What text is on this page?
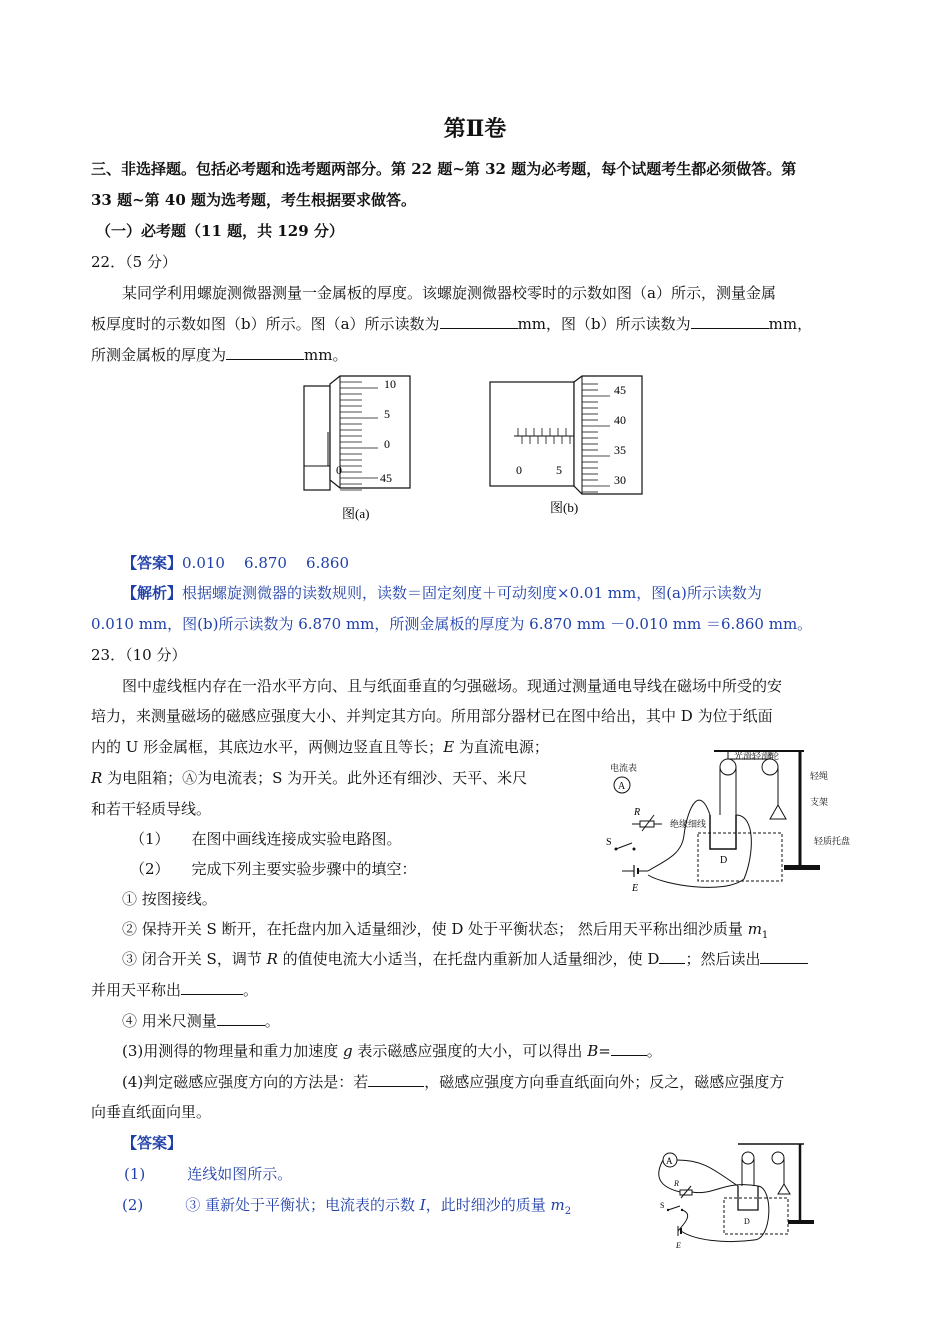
第Ⅱ卷
三、非选择题。包括必考题和选考题两部分。第 22 题~第 32 题为必考题，每个试题考生都必须做答。第
33 题~第 40 题为选考题，考生根据要求做答。
（一）必考题（11 题，共 129 分）
22．（5 分）
某同学利用螺旋测微器测量一金属板的厚度。该螺旋测微器校零时的示数如图（a）所示，测量金属
板厚度时的示数如图（b）所示。图（a）所示读数为	mm，图（b）所示读数为	mm，
所测金属板的厚度为	mm。
10
5
0
45
0
图(a)
45
40
35
30
0	5
图(b)
【答案】0.010    6.870    6.860
【解析】根据螺旋测微器的读数规则，读数＝固定刻度＋可动刻度×0.01 mm，图(a)所示读数为
0.010 mm，图(b)所示读数为 6.870 mm，所测金属板的厚度为 6.870 mm －0.010 mm ＝6.860 mm。
23．（10 分）
图中虚线框内存在一沿水平方向、且与纸面垂直的匀强磁场。现通过测量通电导线在磁场中所受的安
培力，来测量磁场的磁感应强度大小、并判定其方向。所用部分器材已在图中给出，其中 D 为位于纸面
内的 U 形金属框，其底边水平，两侧边竖直且等长；E 为直流电源；
R 为电阻箱；Ⓐ为电流表；S 为开关。此外还有细沙、天平、米尺
和若干轻质导线。
（1） 在图中画线连接成实验电路图。
（2） 完成下列主要实验步骤中的填空：
① 按图接线。
② 保持开关 S 断开，在托盘内加入适量细沙，使 D 处于平衡状态； 然后用天平称出细沙质量 $m_1$
③ 闭合开关 S，调节 R 的值使电流大小适当，在托盘内重新加人适量细沙，使 D ；然后读出
并用天平称出	。
④ 用米尺测量	。
(3)用测得的物理量和重力加速度 g 表示磁感应强度的大小，可以得出 B= 。
(4)判定磁感应强度方向的方法是：若	，磁感应强度方向垂直纸面向外；反之，磁感应强度方
向垂直纸面向里。
电流表
光滑轻滑轮
轻绳
支架
轻质托盘
绝缘细线
A
R
S
E
D
【答案】
(1)	连线如图所示。
(2)	③ 重新处于平衡状；电流表的示数 I，此时细沙的质量 $m_2$
A
R
S
E
D
